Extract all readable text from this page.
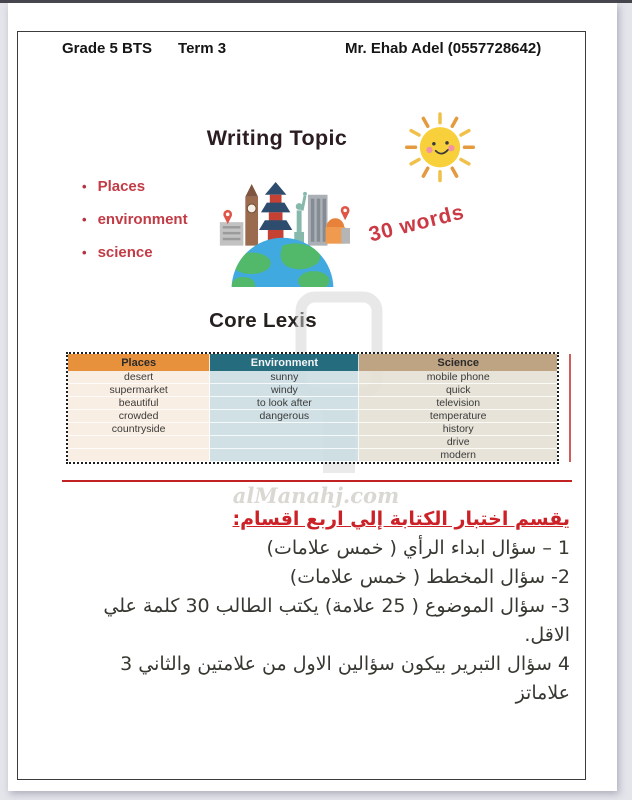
Grade 5 BTS Term 3	Mr. Ehab Adel (0557728642)
Writing Topic
• Places
• environment
• science
30 words
Core Lexis
Places	Environment	Science
desert	sunny	mobile phone
supermarket	windy	quick
beautiful	to look after	television
crowded	dangerous	temperature
countryside		history
		drive
		modern
alManahj.com

يقسم اختبار الكتابة إلي اربع اقسام:

1 – سؤال ابداء الرأي ( خمس علامات)

2- سؤال المخطط ( خمس علامات)

3- سؤال الموضوع ( 25 علامة) يكتب الطالب 30 كلمة علي الاقل.

4 سؤال التبرير بيكون سؤالين الاول من علامتين والثاني 3 علاماتز
